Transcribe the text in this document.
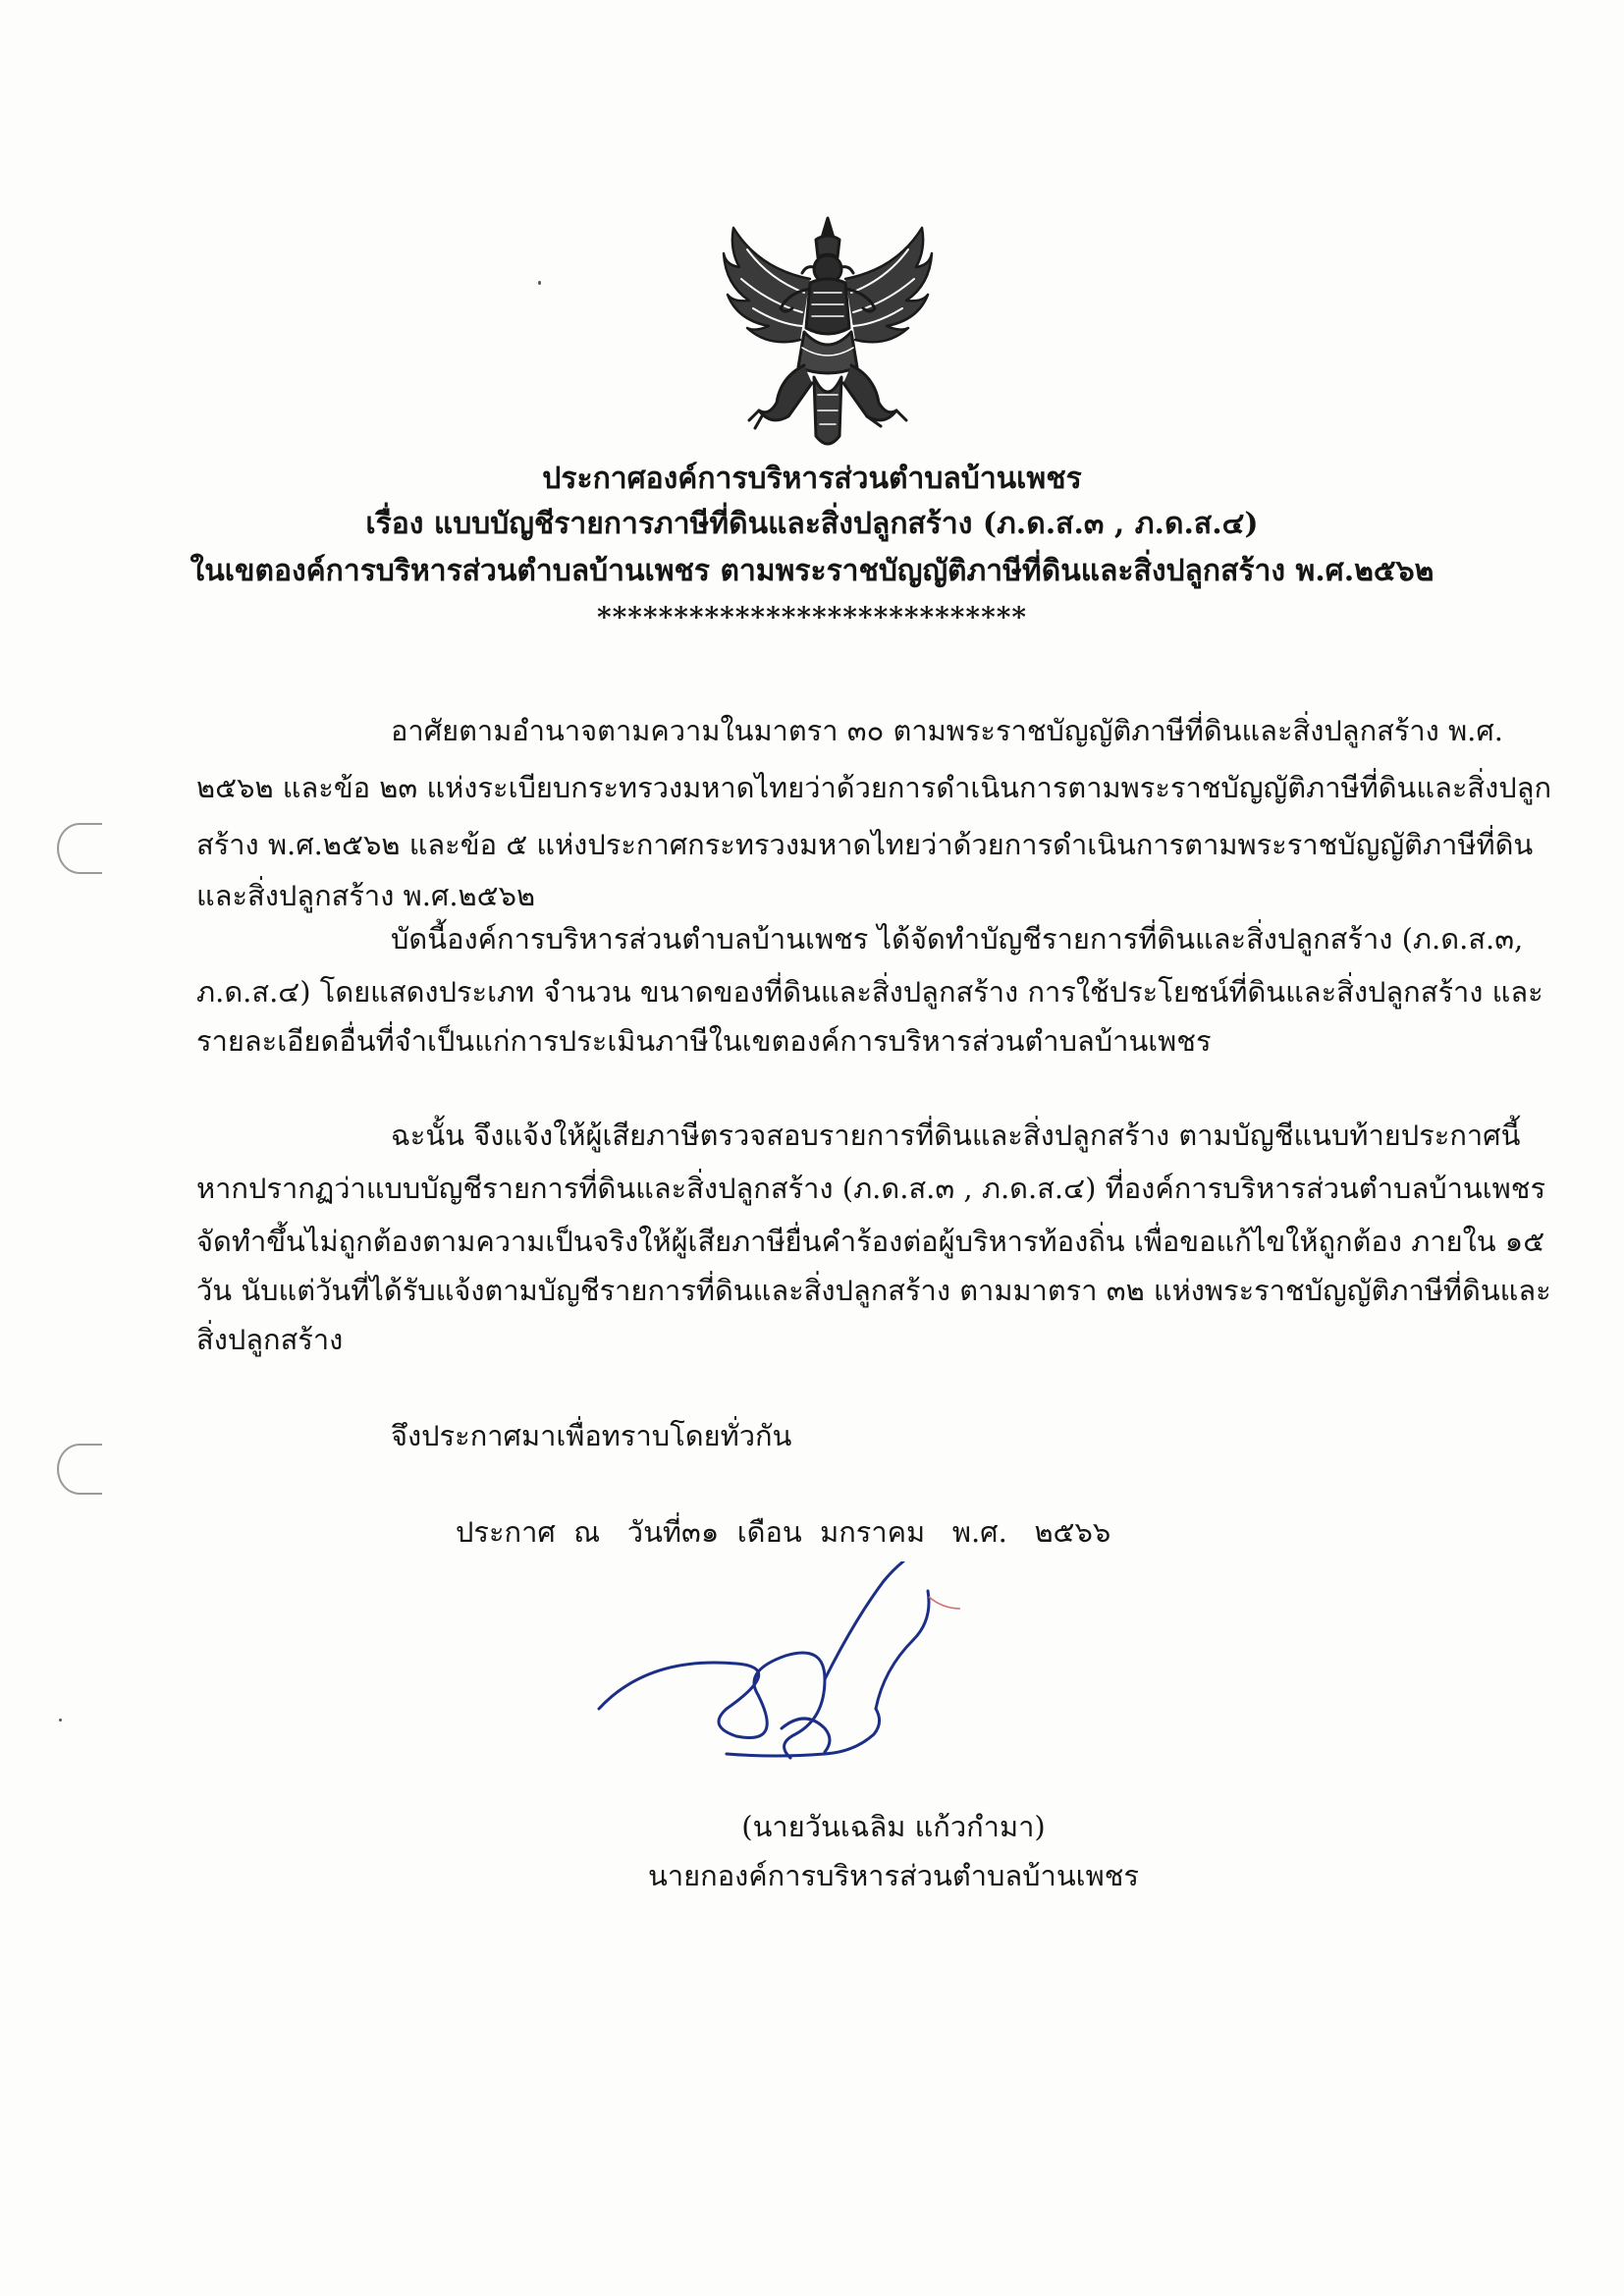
ประกาศองค์การบริหารส่วนตำบลบ้านเพชร
เรื่อง แบบบัญชีรายการภาษีที่ดินและสิ่งปลูกสร้าง (ภ.ด.ส.๓ , ภ.ด.ส.๔)
ในเขตองค์การบริหารส่วนตำบลบ้านเพชร ตามพระราชบัญญัติภาษีที่ดินและสิ่งปลูกสร้าง พ.ศ.๒๕๖๒
****************************
อาศัยตามอำนาจตามความในมาตรา ๓๐ ตามพระราชบัญญัติภาษีที่ดินและสิ่งปลูกสร้าง พ.ศ.
๒๕๖๒ และข้อ ๒๓ แห่งระเบียบกระทรวงมหาดไทยว่าด้วยการดำเนินการตามพระราชบัญญัติภาษีที่ดินและสิ่งปลูก
สร้าง พ.ศ.๒๕๖๒ และข้อ ๕ แห่งประกาศกระทรวงมหาดไทยว่าด้วยการดำเนินการตามพระราชบัญญัติภาษีที่ดิน
และสิ่งปลูกสร้าง พ.ศ.๒๕๖๒
บัดนี้องค์การบริหารส่วนตำบลบ้านเพชร ได้จัดทำบัญชีรายการที่ดินและสิ่งปลูกสร้าง (ภ.ด.ส.๓,
ภ.ด.ส.๔) โดยแสดงประเภท จำนวน ขนาดของที่ดินและสิ่งปลูกสร้าง การใช้ประโยชน์ที่ดินและสิ่งปลูกสร้าง และ
รายละเอียดอื่นที่จำเป็นแก่การประเมินภาษีในเขตองค์การบริหารส่วนตำบลบ้านเพชร
ฉะนั้น จึงแจ้งให้ผู้เสียภาษีตรวจสอบรายการที่ดินและสิ่งปลูกสร้าง ตามบัญชีแนบท้ายประกาศนี้
หากปรากฏว่าแบบบัญชีรายการที่ดินและสิ่งปลูกสร้าง (ภ.ด.ส.๓ , ภ.ด.ส.๔) ที่องค์การบริหารส่วนตำบลบ้านเพชร
จัดทำขึ้นไม่ถูกต้องตามความเป็นจริงให้ผู้เสียภาษียื่นคำร้องต่อผู้บริหารท้องถิ่น เพื่อขอแก้ไขให้ถูกต้อง ภายใน ๑๕
วัน นับแต่วันที่ได้รับแจ้งตามบัญชีรายการที่ดินและสิ่งปลูกสร้าง ตามมาตรา ๓๒ แห่งพระราชบัญญัติภาษีที่ดินและ
สิ่งปลูกสร้าง
จึงประกาศมาเพื่อทราบโดยทั่วกัน
ประกาศ  ณ   วันที่๓๑  เดือน  มกราคม   พ.ศ.   ๒๕๖๖
(นายวันเฉลิม แก้วกำมา)
นายกองค์การบริหารส่วนตำบลบ้านเพชร
